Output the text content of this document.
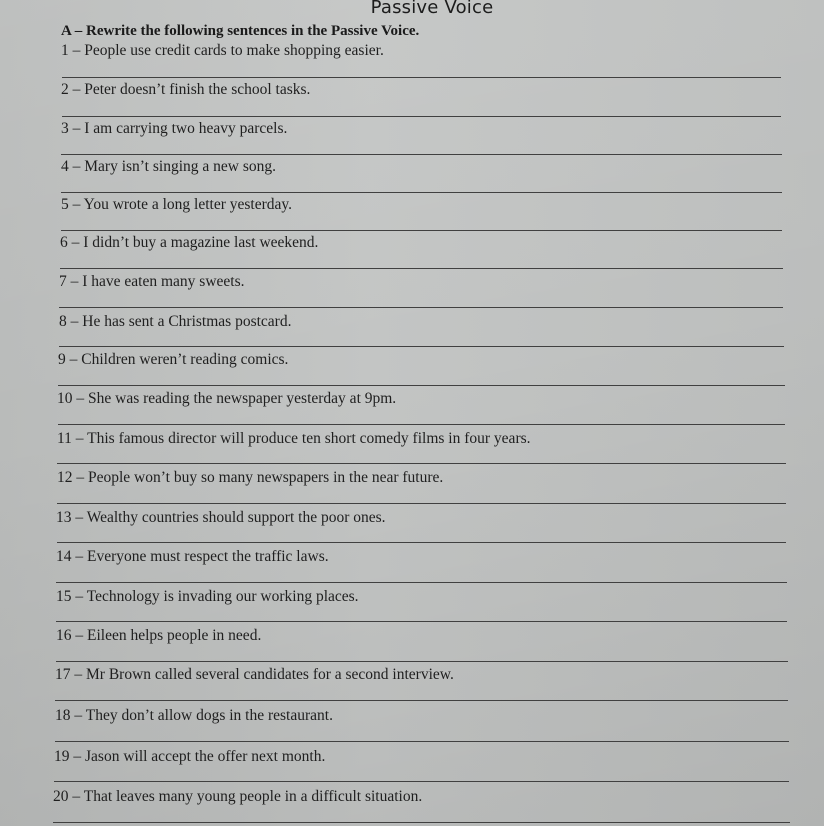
Passive Voice
A – Rewrite the following sentences in the Passive Voice.
1 – People use credit cards to make shopping easier.
2 – Peter doesn’t finish the school tasks.
3 – I am carrying two heavy parcels.
4 – Mary isn’t singing a new song.
5 – You wrote a long letter yesterday.
6 – I didn’t buy a magazine last weekend.
7 – I have eaten many sweets.
8 – He has sent a Christmas postcard.
9 – Children weren’t reading comics.
10 – She was reading the newspaper yesterday at 9pm.
11 – This famous director will produce ten short comedy films in four years.
12 – People won’t buy so many newspapers in the near future.
13 – Wealthy countries should support the poor ones.
14 – Everyone must respect the traffic laws.
15 – Technology is invading our working places.
16 – Eileen helps people in need.
17 – Mr Brown called several candidates for a second interview.
18 – They don’t allow dogs in the restaurant.
19 – Jason will accept the offer next month.
20 – That leaves many young people in a difficult situation.
